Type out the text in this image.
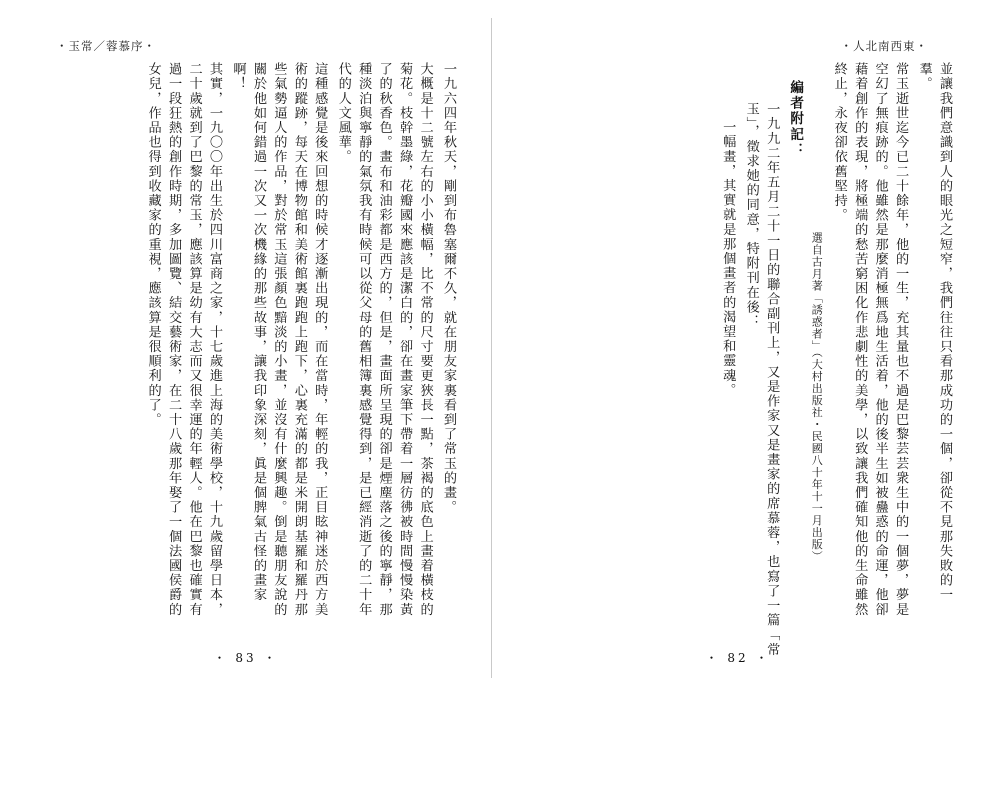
・玉常／蓉慕序・
一九六四年秋天，剛到布魯塞爾不久，就在朋友家裏看到了常玉的畫。
大概是十二號左右的小小橫幅，比不常的尺寸要更狹長一點，茶褐的底色上畫着橫枝的菊花。枝幹墨綠，花瓣國來應該是潔白的，卻在畫家筆下帶着一層彷彿被時間慢慢染黃了的秋香色。畫布和油彩都是西方的，但是，畫面所呈現的卻是煙塵落之後的寧靜，那種淡泊與寧靜的氣氛我有時候可以從父母的舊相簿裏感覺得到，是已經消逝了的二十年代的人文風華。
這種感覺是後來回想的時候才逐漸出現的，而在當時，年輕的我，正目眩神迷於西方美術的蹤跡，每天在博物館和美術館裏跑跑上跑下，心裏充滿的都是米開朗基羅和羅丹那些氣勢逼人的作品，對於常玉這張顏色黯淡的小畫，並沒有什麼興趣。倒是聽朋友說的關於他如何錯過一次又一次機緣的那些故事，讓我印象深刻，眞是個脾氣古怪的畫家啊！
其實，一九〇〇年出生於四川富商之家，十七歲進上海的美術學校，十九歲留學日本，二十歲就到了巴黎的常玉，應該算是幼有大志而又很幸運的年輕人。他在巴黎也確實有過一段狂熱的創作時期，多加圖覽、結交藝術家，在二十八歲那年娶了一個法國侯爵的女兒，作品也得到收藏家的重視，應該算是很順利的了。
・ 83 ・
・人北南西東・
並讓我們意識到人的眼光之短窄，我們往往只看那成功的一個，卻從不見那失敗的一羣。
常玉逝世迄今已二十餘年，他的一生，充其量也不過是巴黎芸芸衆生中的一個夢，夢是空幻了無痕跡的。他雖然是那麼消極無爲地生活着，他的後半生如被蠱惑的命運，他卻藉着創作的表現，將極端的愁苦窮困化作悲劇性的美學，以致讓我們確知他的生命雖然終止，永夜卻依舊堅持。
選自古月著「誘惑者」（大村出版社・民國八十年十一月出版）
編者附記：
一九九二年五月二十一日的聯合副刊上，又是作家又是畫家的席慕蓉，也寫了一篇「常玉」，徵求她的同意，特附刊在後：
一幅畫，其實就是那個畫者的渴望和靈魂。
・ 82 ・
